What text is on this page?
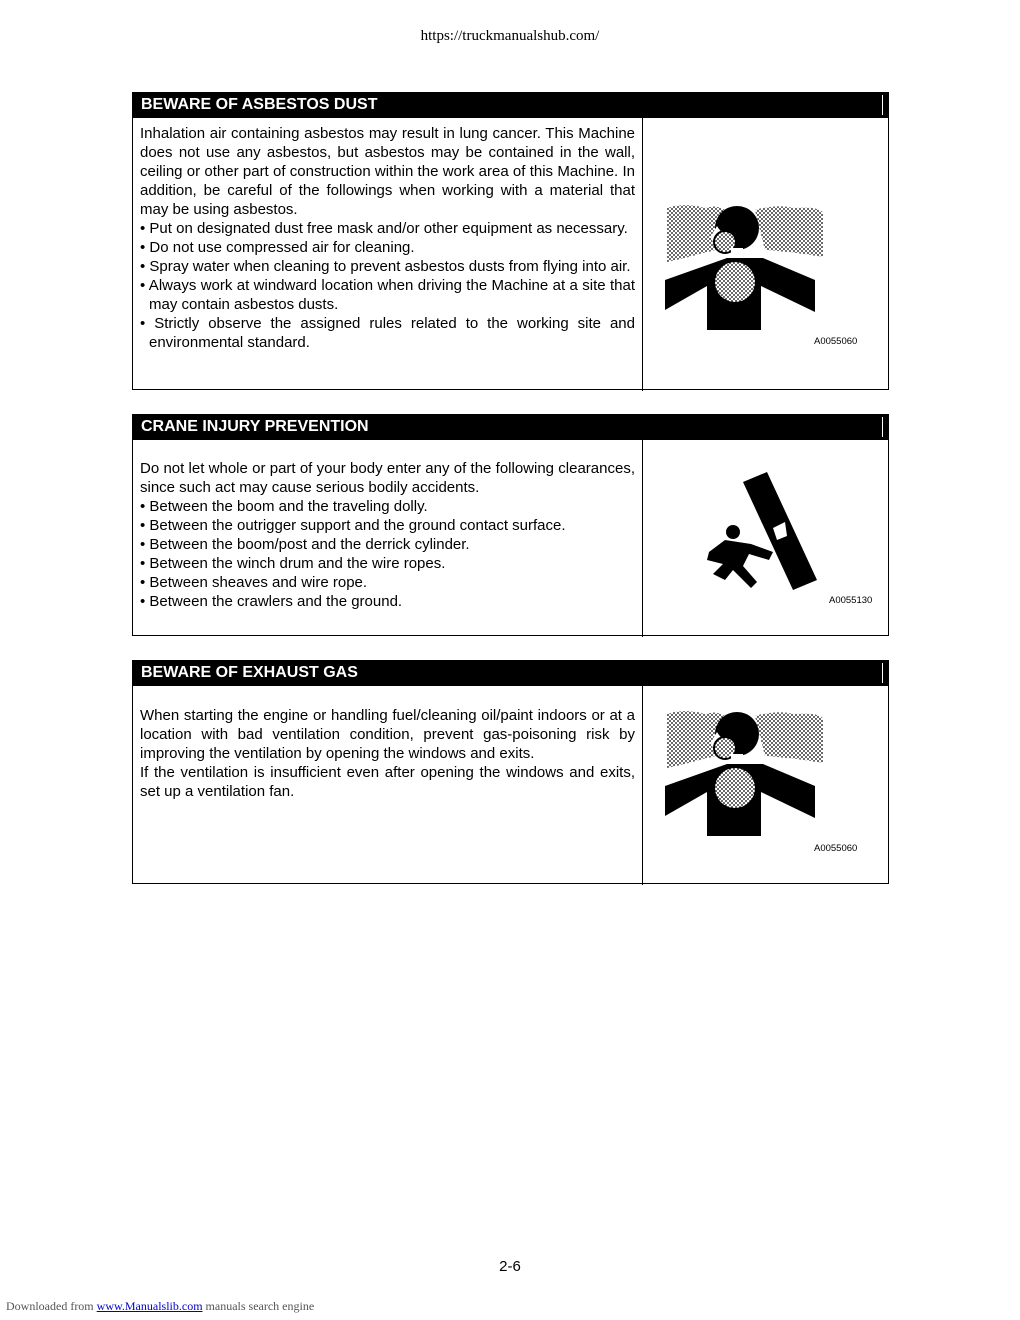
https://truckmanualshub.com/
BEWARE OF ASBESTOS DUST

Inhalation air containing asbestos may result in lung cancer. This Machine does not use any asbestos, but asbestos may be contained in the wall, ceiling or other part of construction within the work area of this Machine. In addition, be careful of the followings when working with a material that may be using asbestos.

• Put on designated dust free mask and/or other equipment as necessary.
• Do not use compressed air for cleaning.
• Spray water when cleaning to prevent asbestos dusts from flying into air.
• Always work at windward location when driving the Machine at a site that may contain asbestos dusts.
• Strictly observe the assigned rules related to the working site and environmental standard.	A0055060
CRANE INJURY PREVENTION

Do not let whole or part of your body enter any of the following clearances, since such act may cause serious bodily accidents.

• Between the boom and the traveling dolly.
• Between the outrigger support and the ground contact surface.
• Between the boom/post and the derrick cylinder.
• Between the winch drum and the wire ropes.
• Between sheaves and wire rope.
• Between the crawlers and the ground.	A0055130
BEWARE OF EXHAUST GAS

When starting the engine or handling fuel/cleaning oil/paint indoors or at a location with bad ventilation condition, prevent gas-poisoning risk by improving the ventilation by opening the windows and exits.

If the ventilation is insufficient even after opening the windows and exits, set up a ventilation fan.

A0055060
2-6
Downloaded from www.Manualslib.com manuals search engine
